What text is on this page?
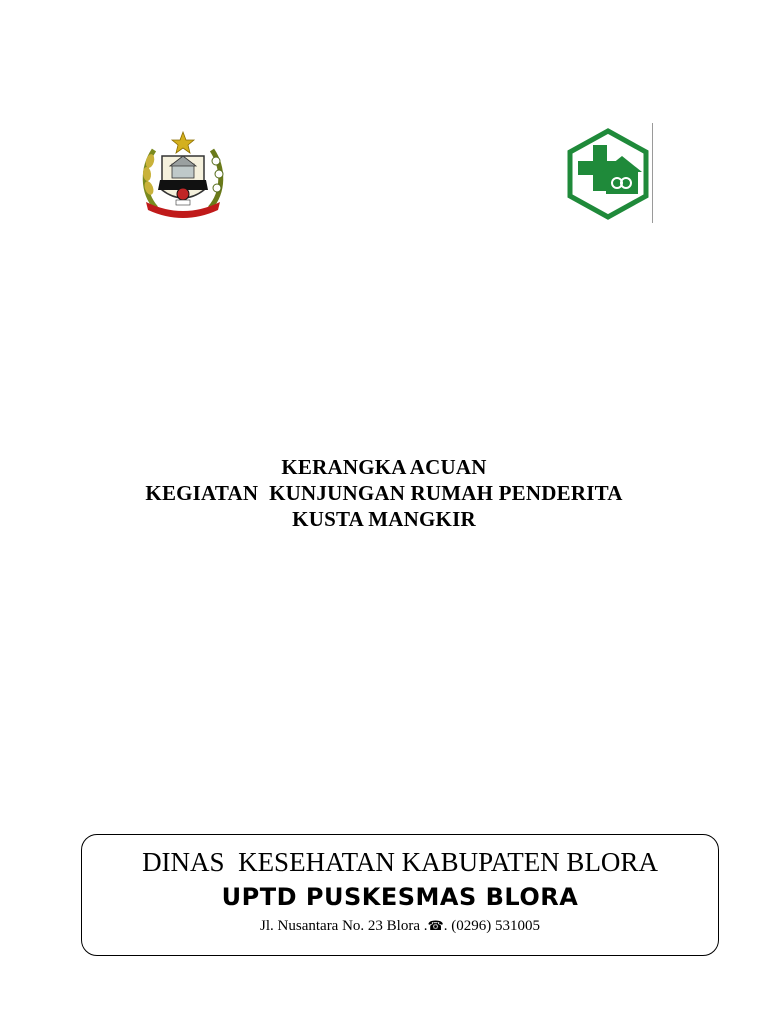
KERANGKA ACUAN
KEGIATAN  KUNJUNGAN RUMAH PENDERITA
KUSTA MANGKIR
DINAS  KESEHATAN KABUPATEN BLORA
UPTD PUSKESMAS BLORA
Jl. Nusantara No. 23 Blora .☎. (0296) 531005
